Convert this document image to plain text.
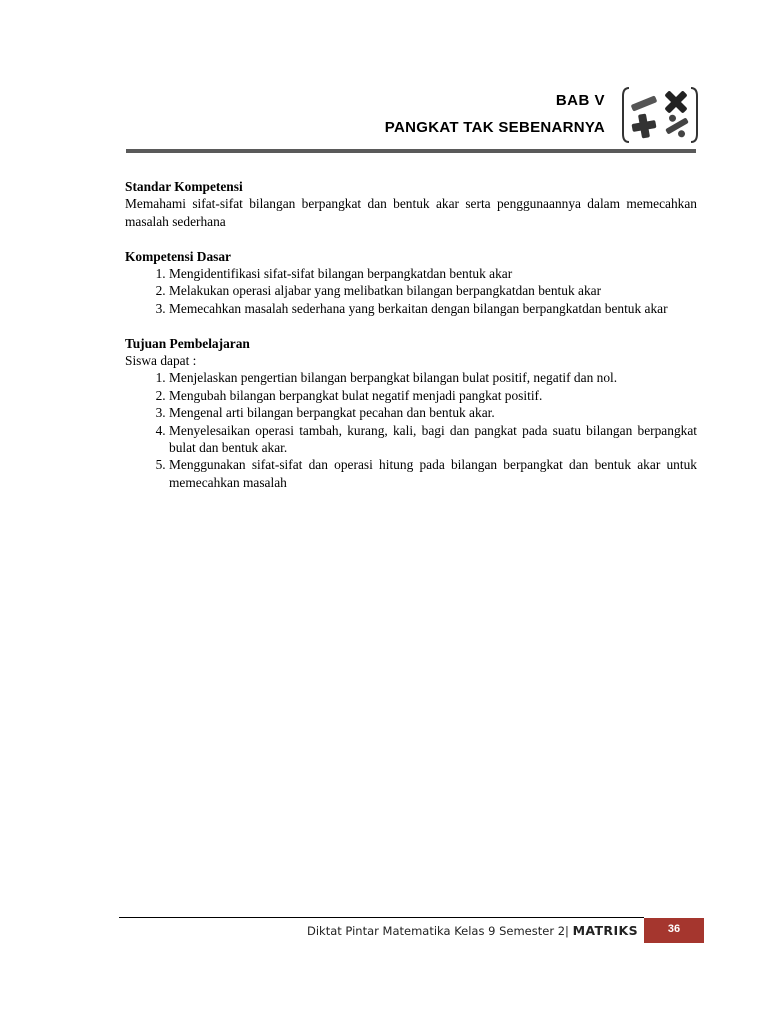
BAB V
PANGKAT TAK SEBENARNYA
Standar Kompetensi
Memahami sifat-sifat bilangan berpangkat dan bentuk akar serta penggunaannya dalam memecahkan masalah sederhana
Kompetensi Dasar
1. Mengidentifikasi sifat-sifat bilangan berpangkatdan bentuk akar
2. Melakukan operasi aljabar yang melibatkan bilangan berpangkatdan bentuk akar
3. Memecahkan masalah sederhana yang berkaitan dengan bilangan berpangkatdan bentuk akar
Tujuan Pembelajaran
Siswa dapat :
1. Menjelaskan pengertian bilangan berpangkat bilangan bulat positif, negatif dan nol.
2. Mengubah bilangan berpangkat bulat negatif menjadi pangkat positif.
3. Mengenal arti bilangan berpangkat pecahan dan bentuk akar.
4. Menyelesaikan operasi tambah, kurang, kali, bagi dan pangkat pada suatu bilangan berpangkat bulat dan bentuk akar.
5. Menggunakan sifat-sifat dan operasi hitung pada bilangan berpangkat dan bentuk akar untuk memecahkan masalah
Diktat Pintar Matematika Kelas 9 Semester 2| MATRIKS	36
